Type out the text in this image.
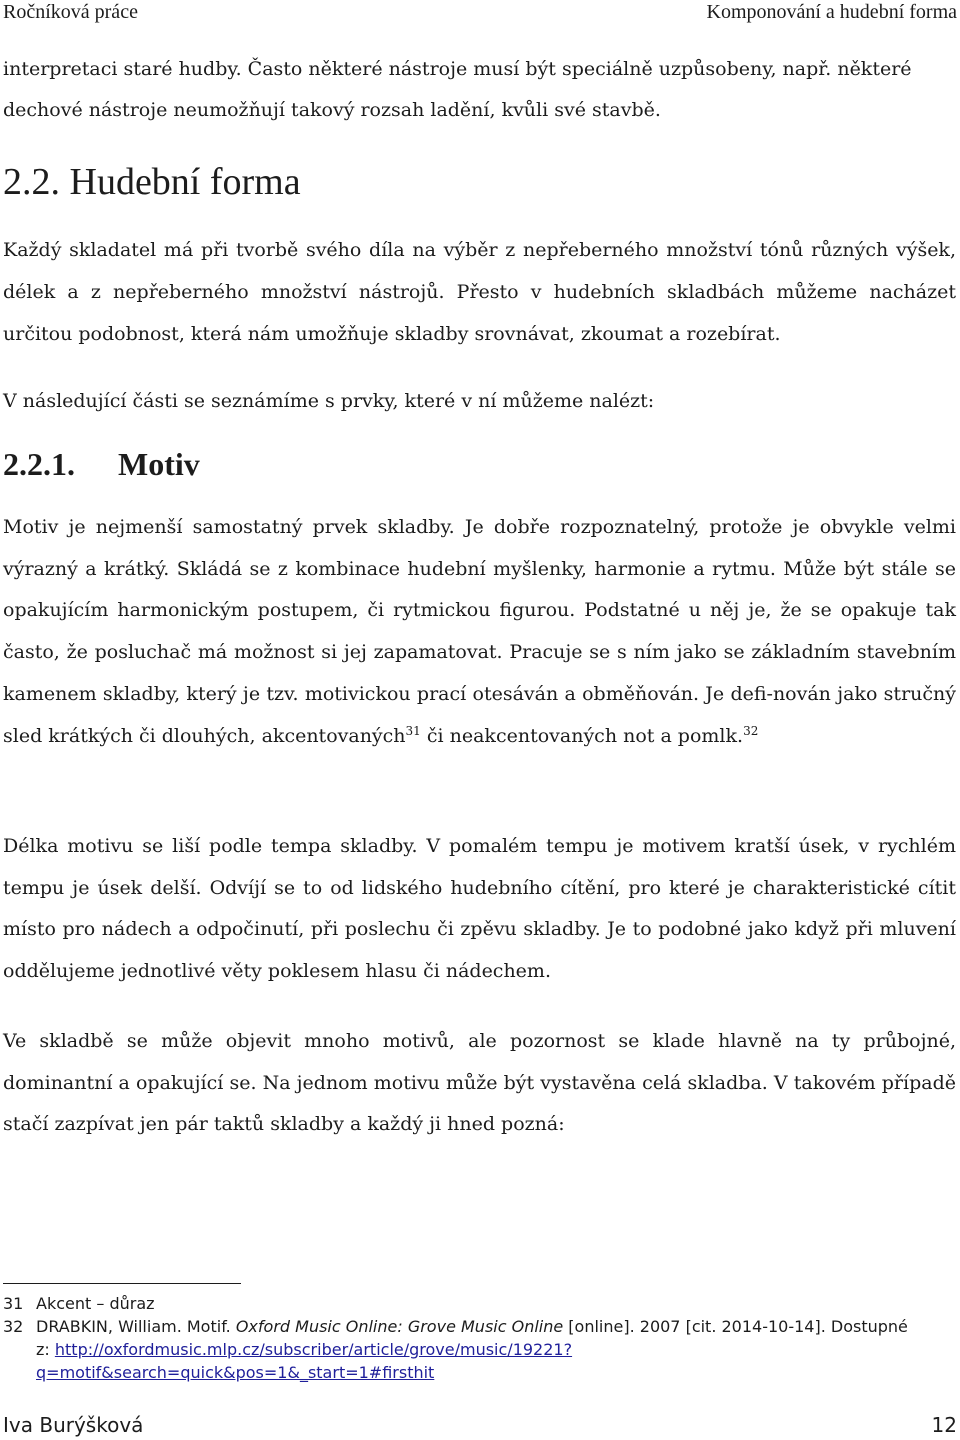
Ročníková práce	Komponování a hudební forma

interpretaci staré hudby. Často některé nástroje musí být speciálně uzpůsobeny, např. některé

dechové nástroje neumožňují takový rozsah ladění, kvůli své stavbě.

2.2. Hudební forma

Každý skladatel má při tvorbě svého díla na výběr z nepřeberného množství tónů různých výšek, délek a z nepřeberného množství nástrojů. Přesto v hudebních skladbách můžeme nacházet určitou podobnost, která nám umožňuje skladby srovnávat, zkoumat a rozebírat.

V následující části se seznámíme s prvky, které v ní můžeme nalézt:

2.2.1. Motiv

Motiv je nejmenší samostatný prvek skladby. Je dobře rozpoznatelný, protože je obvykle velmi výrazný a krátký. Skládá se z kombinace hudební myšlenky, harmonie a rytmu. Může být stále se opakujícím harmonickým postupem, či rytmickou figurou. Podstatné u něj je, že se opakuje tak často, že posluchač má možnost si jej zapamatovat. Pracuje se s ním jako se základním stavebním kamenem skladby, který je tzv. motivickou prací otesáván a obměňován. Je defi-nován jako stručný sled krátkých či dlouhých, akcentovaných$^{31}$ či neakcentovaných not a pomlk.$^{32}$

Délka motivu se liší podle tempa skladby. V pomalém tempu je motivem kratší úsek, v rychlém tempu je úsek delší. Odvíjí se to od lidského hudebního cítění, pro které je charakteristické cítit místo pro nádech a odpočinutí, při poslechu či zpěvu skladby. Je to podobné jako když při mluvení oddělujeme jednotlivé věty poklesem hlasu či nádechem.

Ve skladbě se může objevit mnoho motivů, ale pozornost se klade hlavně na ty průbojné, dominantní a opakující se. Na jednom motivu může být vystavěna celá skladba. V takovém případě stačí zazpívat jen pár taktů skladby a každý ji hned pozná:

31 Akcent – důraz
32 DRABKIN, William. Motif. Oxford Music Online: Grove Music Online [online]. 2007 [cit. 2014-10-14]. Dostupné
z: http://oxfordmusic.mlp.cz/subscriber/article/grove/music/19221?
q=motif&search=quick&pos=1&_start=1#firsthit
Iva Burýšková	12
